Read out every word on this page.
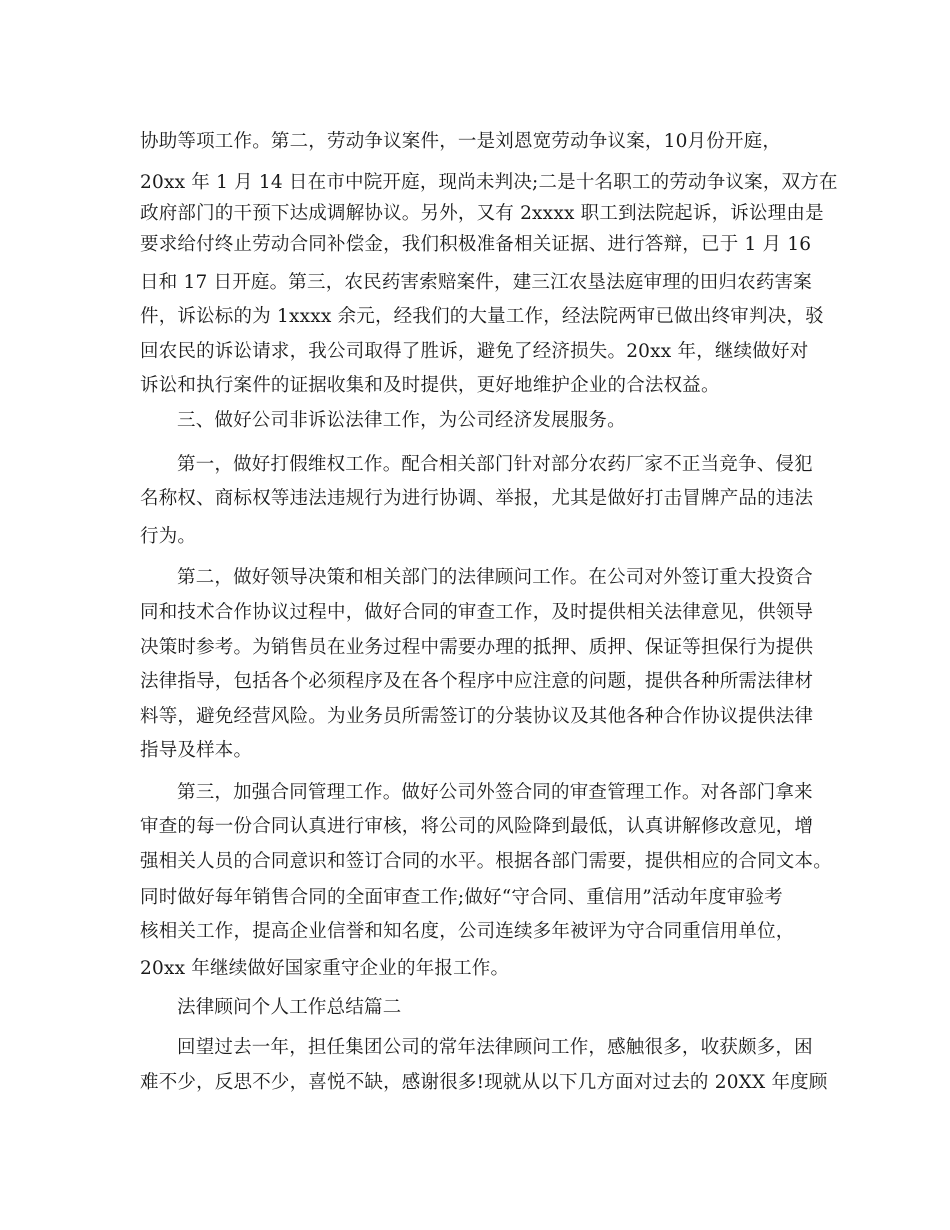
协助等项工作。第二，劳动争议案件，一是刘恩宽劳动争议案，10月份开庭，
20xx 年 1 月 14 日在市中院开庭，现尚未判决;二是十名职工的劳动争议案，双方在
政府部门的干预下达成调解协议。另外，又有 2xxxx 职工到法院起诉，诉讼理由是
要求给付终止劳动合同补偿金，我们积极准备相关证据、进行答辩，已于 1 月 16
日和 17 日开庭。第三，农民药害索赔案件，建三江农垦法庭审理的田归农药害案
件，诉讼标的为 1xxxx 余元，经我们的大量工作，经法院两审已做出终审判决，驳
回农民的诉讼请求，我公司取得了胜诉，避免了经济损失。20xx 年，继续做好对
诉讼和执行案件的证据收集和及时提供，更好地维护企业的合法权益。
三、做好公司非诉讼法律工作，为公司经济发展服务。
第一，做好打假维权工作。配合相关部门针对部分农药厂家不正当竞争、侵犯
名称权、商标权等违法违规行为进行协调、举报，尤其是做好打击冒牌产品的违法
行为。
第二，做好领导决策和相关部门的法律顾问工作。在公司对外签订重大投资合
同和技术合作协议过程中，做好合同的审查工作，及时提供相关法律意见，供领导
决策时参考。为销售员在业务过程中需要办理的抵押、质押、保证等担保行为提供
法律指导，包括各个必须程序及在各个程序中应注意的问题，提供各种所需法律材
料等，避免经营风险。为业务员所需签订的分装协议及其他各种合作协议提供法律
指导及样本。
第三，加强合同管理工作。做好公司外签合同的审查管理工作。对各部门拿来
审查的每一份合同认真进行审核，将公司的风险降到最低，认真讲解修改意见，增
强相关人员的合同意识和签订合同的水平。根据各部门需要，提供相应的合同文本。
同时做好每年销售合同的全面审查工作;做好“守合同、重信用”活动年度审验考
核相关工作，提高企业信誉和知名度，公司连续多年被评为守合同重信用单位，
20xx 年继续做好国家重守企业的年报工作。
法律顾问个人工作总结篇二
回望过去一年，担任集团公司的常年法律顾问工作，感触很多，收获颇多，困
难不少，反思不少，喜悦不缺，感谢很多!现就从以下几方面对过去的 20XX 年度顾
